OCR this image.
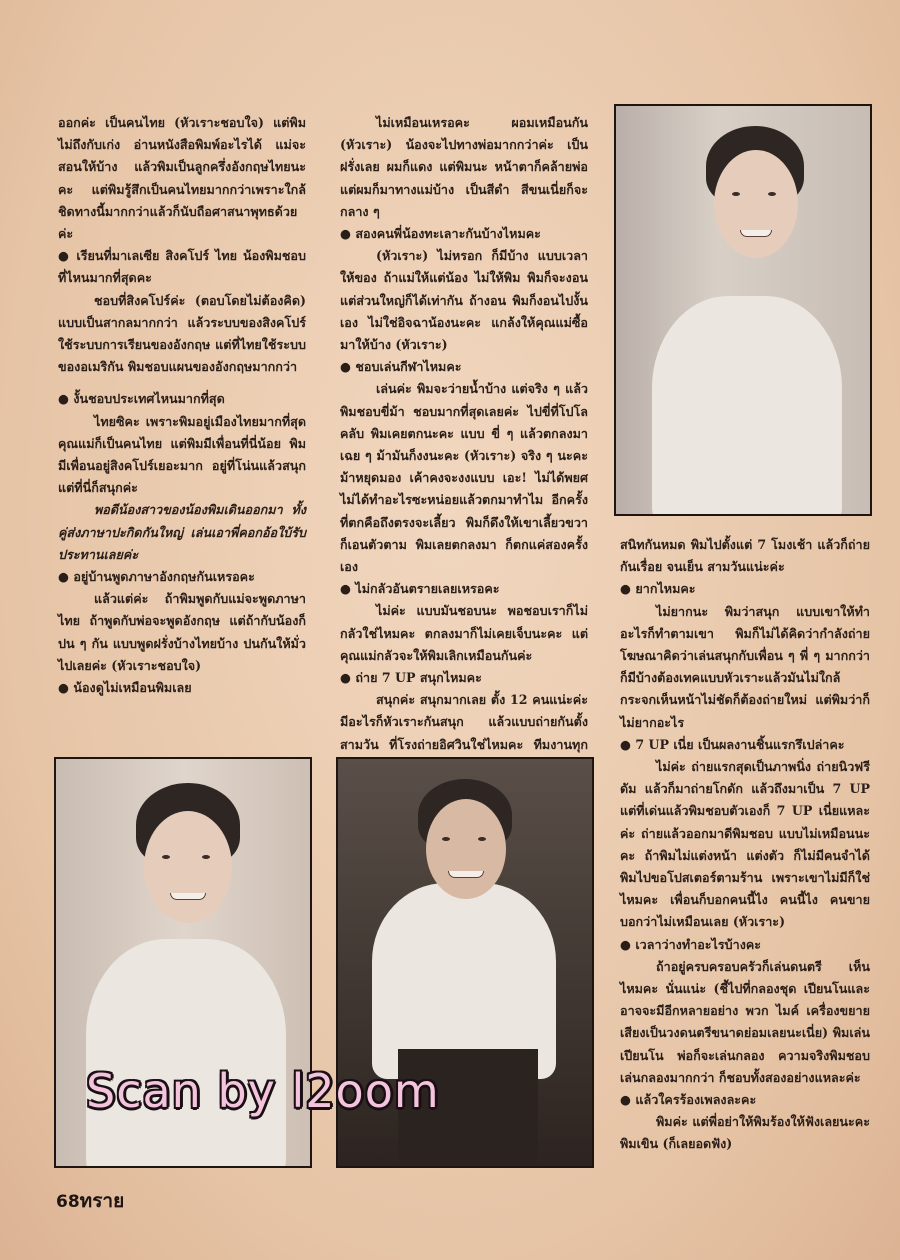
ออกค่ะ เป็นคนไทย (หัวเราะชอบใจ) แต่พิมไม่ถึงกับเก่ง อ่านหนังสือพิมพ์อะไรได้ แม่จะสอนให้บ้าง แล้วพิมเป็นลูกครึ่งอังกฤษไทยนะคะ แต่พิมรู้สึกเป็นคนไทยมากกว่าเพราะใกล้ชิดทางนี้มากกว่าแล้วก็นับถือศาสนาพุทธด้วยค่ะ

● เรียนที่มาเลเซีย สิงคโปร์ ไทย น้องพิมชอบที่ไหนมากที่สุดคะ

ชอบที่สิงคโปร์ค่ะ (ตอบโดยไม่ต้องคิด) แบบเป็นสากลมากกว่า แล้วระบบของสิงคโปร์ใช้ระบบการเรียนของอังกฤษ แต่ที่ไทยใช้ระบบของอเมริกัน พิมชอบแผนของอังกฤษมากกว่า

● งั้นชอบประเทศไหนมากที่สุด

ไทยซิคะ เพราะพิมอยู่เมืองไทยมากที่สุด คุณแม่ก็เป็นคนไทย แต่พิมมีเพื่อนที่นี่น้อย พิมมีเพื่อนอยู่สิงคโปร์เยอะมาก อยู่ที่โน่นแล้วสนุก แต่ที่นี่ก็สนุกค่ะ

พอดีน้องสาวของน้องพิมเดินออกมา ทั้งคู่ส่งภาษาปะกิดกันใหญ่ เล่นเอาพี่คอกอ้อใบ้รับประทานเลยค่ะ

● อยู่บ้านพูดภาษาอังกฤษกันเหรอคะ

แล้วแต่ค่ะ ถ้าพิมพูดกับแม่จะพูดภาษาไทย ถ้าพูดกับพ่อจะพูดอังกฤษ แต่ถ้ากับน้องก็ปน ๆ กัน แบบพูดฝรั่งบ้างไทยบ้าง ปนกันให้มั่วไปเลยค่ะ (หัวเราะชอบใจ)

● น้องดูไม่เหมือนพิมเลย

ไม่เหมือนเหรอคะ ผอมเหมือนกัน (หัวเราะ) น้องจะไปทางพ่อมากกว่าค่ะ เป็นฝรั่งเลย ผมก็แดง แต่พิมนะ หน้าตาก็คล้ายพ่อ แต่ผมก็มาทางแม่บ้าง เป็นสีดำ สีขนเนี่ยก็จะกลาง ๆ

● สองคนพี่น้องทะเลาะกันบ้างไหมคะ

(หัวเราะ) ไม่หรอก ก็มีบ้าง แบบเวลาให้ของ ถ้าแม่ให้แต่น้อง ไม่ให้พิม พิมก็จะงอน แต่ส่วนใหญ่ก็ได้เท่ากัน ถ้างอน พิมก็งอนไปงั้นเอง ไม่ใช่อิจฉาน้องนะคะ แกล้งให้คุณแม่ซื้อมาให้บ้าง (หัวเราะ)

● ชอบเล่นกีฬาไหมคะ

เล่นค่ะ พิมจะว่ายน้ำบ้าง แต่จริง ๆ แล้วพิมชอบขี่ม้า ชอบมากที่สุดเลยค่ะ ไปขี่ที่โปโลคลับ พิมเคยตกนะคะ แบบ ขี่ ๆ แล้วตกลงมาเฉย ๆ ม้ามันก็งงนะคะ (หัวเราะ) จริง ๆ นะคะ ม้าหยุดมอง เค้าคงจะงงแบบ เอะ! ไม่ได้พยศไม่ได้ทำอะไรซะหน่อยแล้วตกมาทำไม อีกครั้งที่ตกคือถึงตรงจะเลี้ยว พิมก็ดึงให้เขาเลี้ยวขวาก็เอนตัวตาม พิมเลยตกลงมา ก็ตกแค่สองครั้งเอง

● ไม่กลัวอันตรายเลยเหรอคะ

ไม่ค่ะ แบบมันชอบนะ พอชอบเราก็ไม่กลัวใช่ไหมคะ ตกลงมาก็ไม่เคยเจ็บนะคะ แต่คุณแม่กลัวจะให้พิมเลิกเหมือนกันค่ะ

● ถ่าย 7 UP สนุกไหมคะ

สนุกค่ะ สนุกมากเลย ตั้ง 12 คนแน่ะค่ะ มีอะไรก็หัวเราะกันสนุก แล้วแบบถ่ายกันตั้งสามวัน ที่โรงถ่ายอิศวินใช่ไหมคะ ทีมงานทุก

สนิทกันหมด พิมไปตั้งแต่ 7 โมงเช้า แล้วก็ถ่ายกันเรื่อย จนเย็น สามวันแน่ะค่ะ

● ยากไหมคะ

ไม่ยากนะ พิมว่าสนุก แบบเขาให้ทำอะไรก็ทำตามเขา พิมก็ไม่ได้คิดว่ากำลังถ่ายโฆษณาคิดว่าเล่นสนุกกับเพื่อน ๆ พี่ ๆ มากกว่า ก็มีบ้างต้องเทคแบบหัวเราะแล้วมันไม่ใกล้กระจกเห็นหน้าไม่ชัดก็ต้องถ่ายใหม่ แต่พิมว่าก็ไม่ยากอะไร

● 7 UP เนี่ย เป็นผลงานชิ้นแรกรึเปล่าคะ

ไม่ค่ะ ถ่ายแรกสุดเป็นภาพนิ่ง ถ่ายนิวฟรีดัม แล้วก็มาถ่ายโกดัก แล้วถึงมาเป็น 7 UP แต่ที่เด่นแล้วพิมชอบตัวเองก็ 7 UP เนี่ยแหละค่ะ ถ่ายแล้วออกมาดีพิมชอบ แบบไม่เหมือนนะคะ ถ้าพิมไม่แต่งหน้า แต่งตัว ก็ไม่มีคนจำได้ พิมไปขอโปสเตอร์ตามร้าน เพราะเขาไม่มีก็ใช่ไหมคะ เพื่อนก็บอกคนนี้ไง คนนี้ไง คนขายบอกว่าไม่เหมือนเลย (หัวเราะ)

● เวลาว่างทำอะไรบ้างคะ

ถ้าอยู่ครบครอบครัวก็เล่นดนตรี เห็นไหมคะ นั่นแน่ะ (ชี้ไปที่กลองชุด เปียนโนและอาจจะมีอีกหลายอย่าง พวก ไมค์ เครื่องขยายเสียงเป็นวงดนตรีขนาดย่อมเลยนะเนี่ย) พิมเล่นเปียนโน พ่อก็จะเล่นกลอง ความจริงพิมชอบเล่นกลองมากกว่า ก็ชอบทั้งสองอย่างแหละค่ะ

● แล้วใครร้องเพลงละคะ

พิมค่ะ แต่พี่อย่าให้พิมร้องให้ฟังเลยนะคะ พิมเขิน (ก็เลยอดฟัง)

Scan by l2oom
68ทราย
